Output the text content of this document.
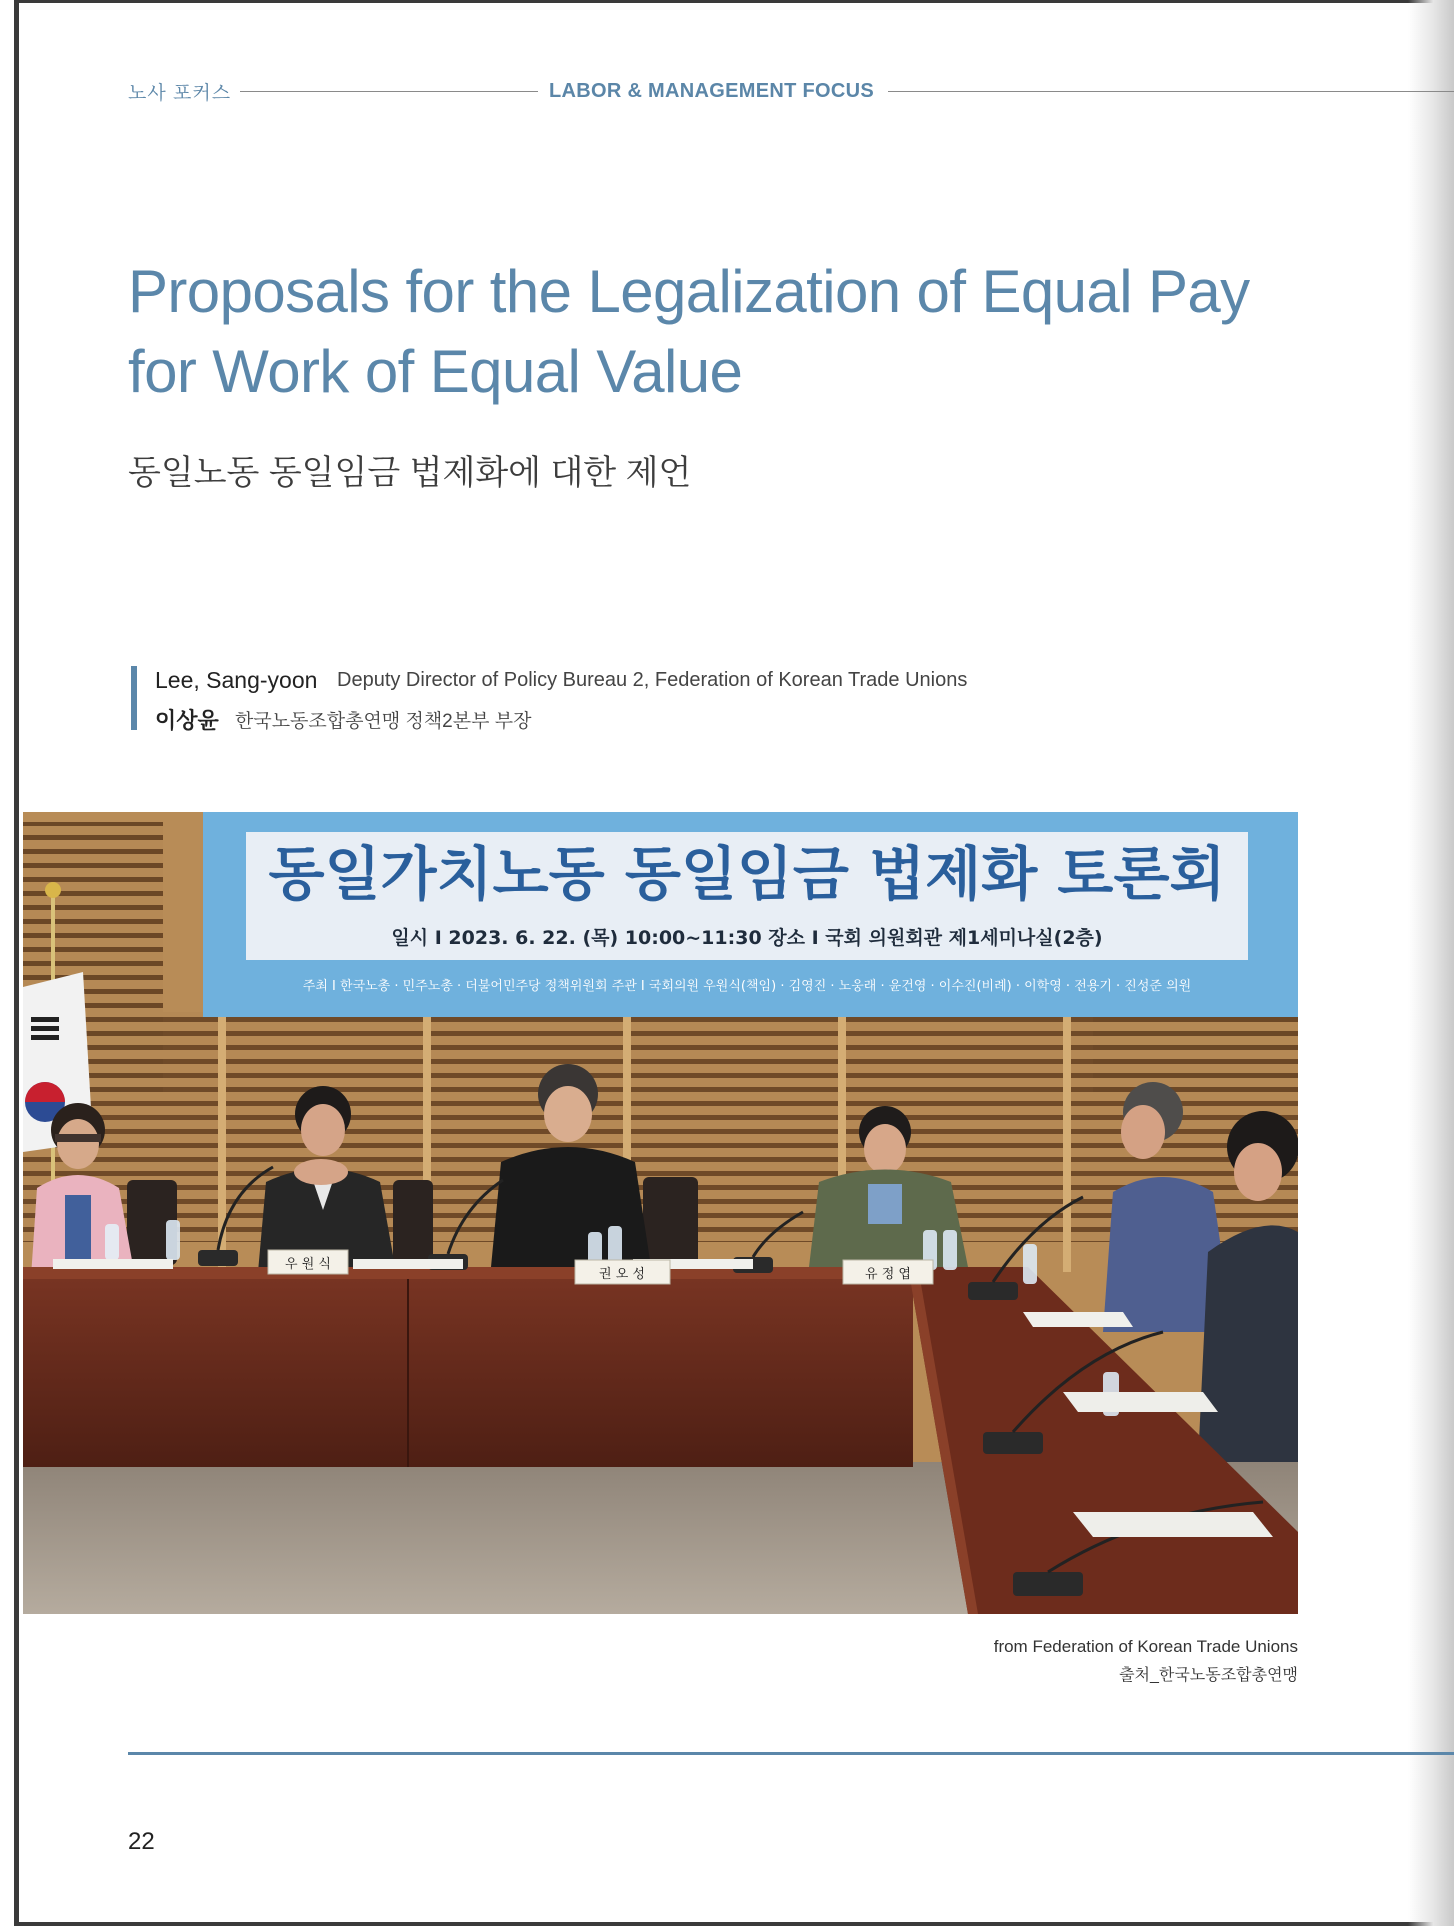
노사 포커스	LABOR & MANAGEMENT FOCUS
Proposals for the Legalization of Equal Pay for Work of Equal Value
동일노동 동일임금 법제화에 대한 제언
Lee, Sang-yoon Deputy Director of Policy Bureau 2, Federation of Korean Trade Unions
이상윤 한국노동조합총연맹 정책2본부 부장
동일가치노동 동일임금 법제화 토론회
일시 I 2023. 6. 22. (목) 10:00~11:30 장소 I 국회 의원회관 제1세미나실(2층)
주최 I 한국노총 · 민주노총 · 더불어민주당 정책위원회 주관 I 국회의원 우원식(책임) · 김영진 · 노웅래 · 윤건영 · 이수진(비례) · 이학영 · 전용기 · 진성준 의원
우 원 식
권 오 성	유 정 엽
from Federation of Korean Trade Unions
출처_한국노동조합총연맹
22
